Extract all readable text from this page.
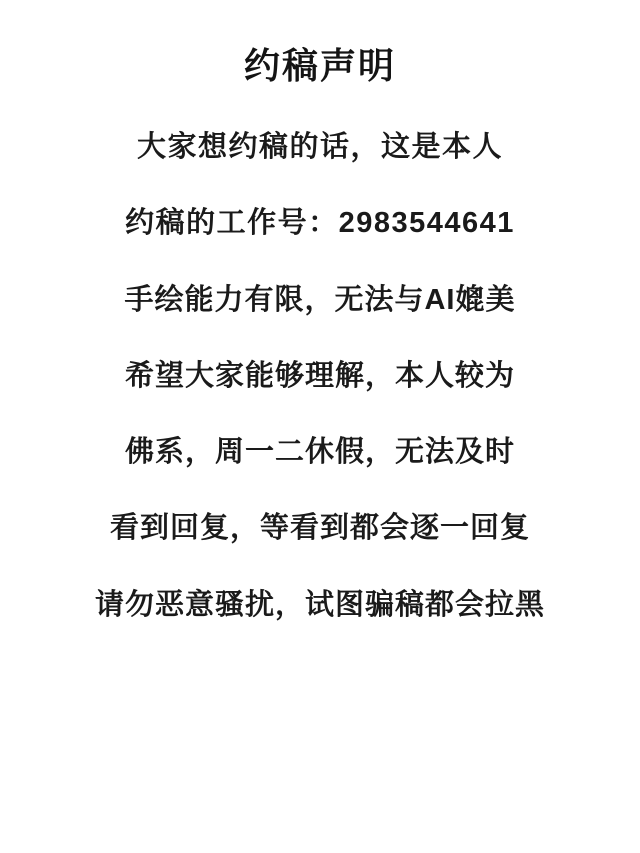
约稿声明

大家想约稿的话，这是本人

约稿的工作号：2983544641

手绘能力有限，无法与AI媲美

希望大家能够理解，本人较为

佛系，周一二休假，无法及时

看到回复，等看到都会逐一回复

请勿恶意骚扰，试图骗稿都会拉黑
